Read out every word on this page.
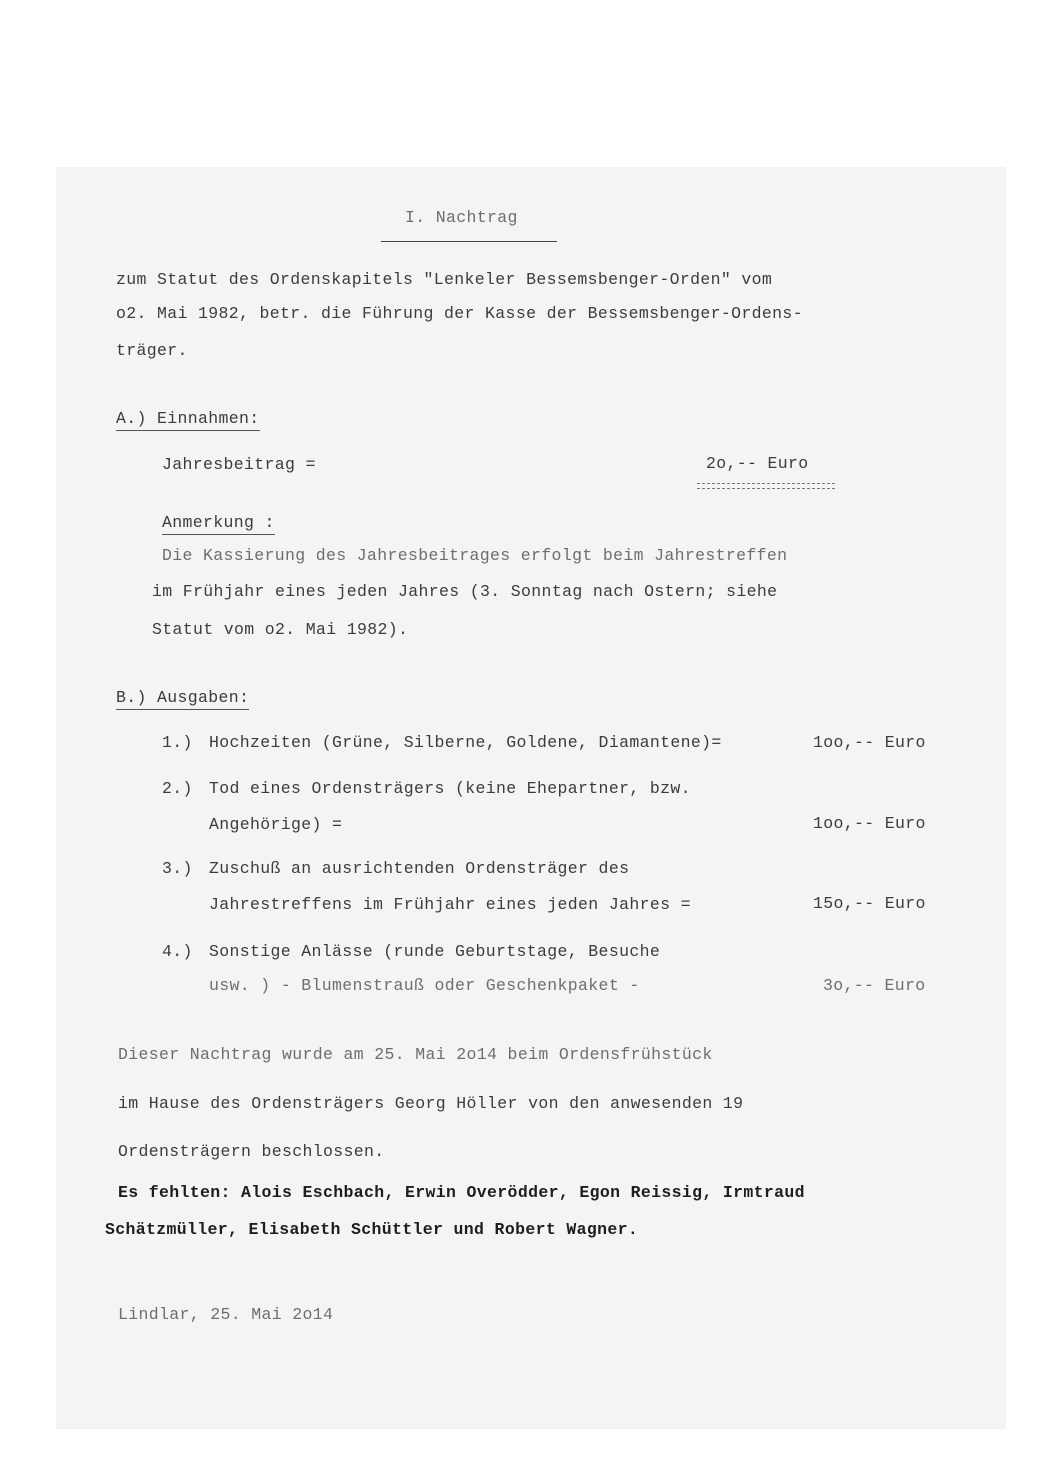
I. Nachtrag
zum Statut des Ordenskapitels "Lenkeler Bessemsbenger-Orden" vom
o2. Mai 1982, betr. die Führung der Kasse der Bessemsbenger-Ordens-
träger.
A.) Einnahmen:
Jahresbeitrag =	2o,-- Euro
Anmerkung :
Die Kassierung des Jahresbeitrages erfolgt beim Jahrestreffen
im Frühjahr eines jeden Jahres (3. Sonntag nach Ostern; siehe
Statut vom o2. Mai 1982).
B.) Ausgaben:
1.) Hochzeiten (Grüne, Silberne, Goldene, Diamantene)=	1oo,-- Euro
2.) Tod eines Ordensträgers (keine Ehepartner, bzw.
Angehörige) =	1oo,-- Euro
3.) Zuschuß an ausrichtenden Ordensträger des
Jahrestreffens im Frühjahr eines jeden Jahres =	15o,-- Euro
4.) Sonstige Anlässe (runde Geburtstage, Besuche
usw. ) - Blumenstrauß oder Geschenkpaket -	3o,-- Euro
Dieser Nachtrag wurde am 25. Mai 2o14 beim Ordensfrühstück
im Hause des Ordensträgers Georg Höller von den anwesenden 19
Ordensträgern beschlossen.
Es fehlten: Alois Eschbach, Erwin Overödder, Egon Reissig, Irmtraud
Schätzmüller, Elisabeth Schüttler und Robert Wagner.
Lindlar, 25. Mai 2o14
